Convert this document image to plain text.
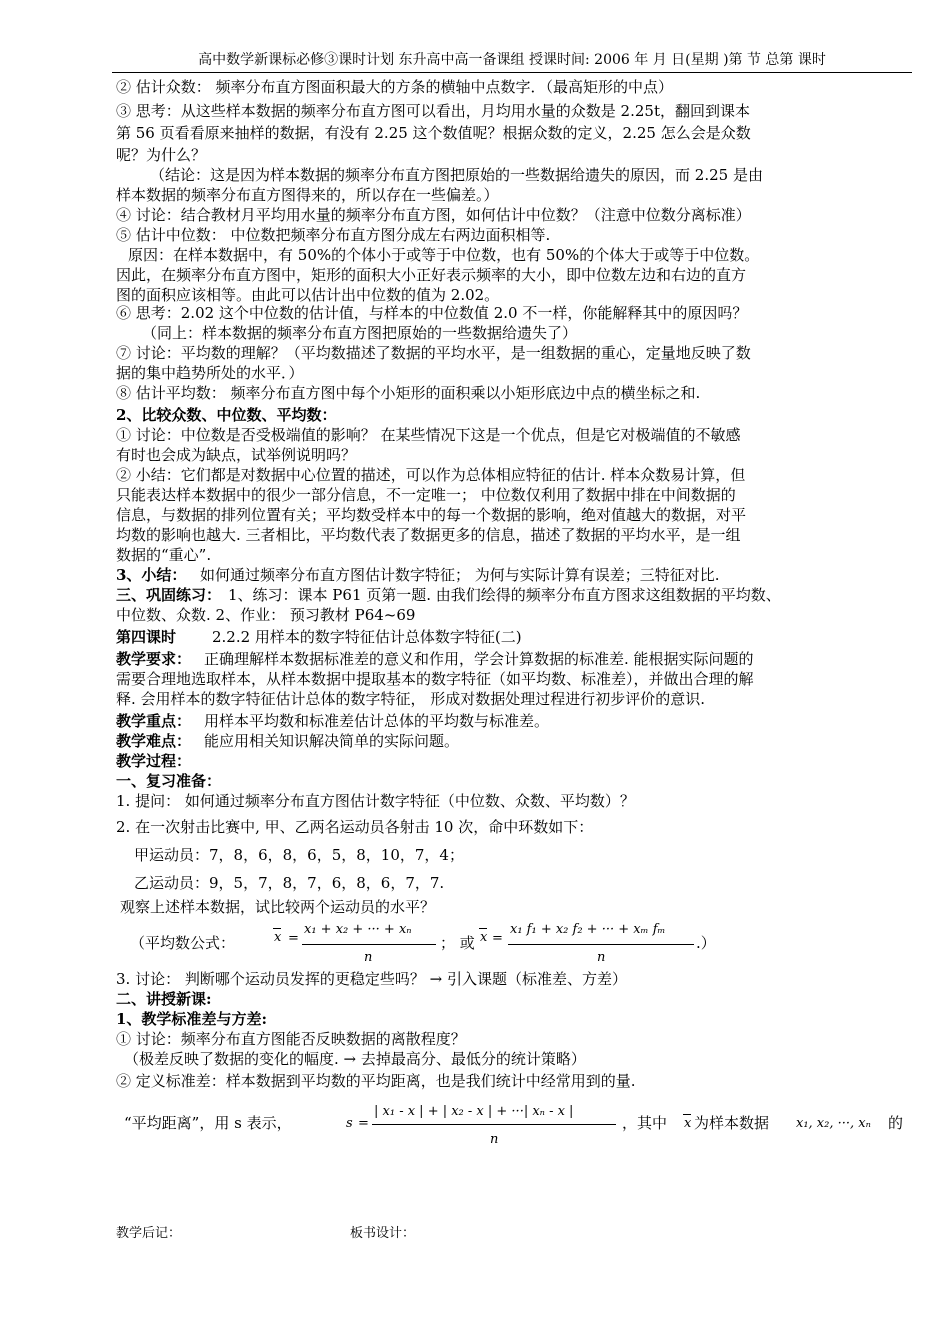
高中数学新课标必修③课时计划 东升高中高一备课组 授课时间: 2006 年 月 日(星期 )第 节 总第 课时
② 估计众数： 频率分布直方图面积最大的方条的横轴中点数字．（最高矩形的中点）
③ 思考：从这些样本数据的频率分布直方图可以看出，月均用水量的众数是 2.25t，翻回到课本
第 56 页看看原来抽样的数据，有没有 2.25 这个数值呢？根据众数的定义，2.25 怎么会是众数
呢？为什么？
（结论：这是因为样本数据的频率分布直方图把原始的一些数据给遗失的原因，而 2.25 是由
样本数据的频率分布直方图得来的，所以存在一些偏差。）
④ 讨论：结合教材月平均用水量的频率分布直方图，如何估计中位数？（注意中位数分离标准）
⑤ 估计中位数： 中位数把频率分布直方图分成左右两边面积相等.
原因：在样本数据中，有 50%的个体小于或等于中位数，也有 50%的个体大于或等于中位数。
因此，在频率分布直方图中，矩形的面积大小正好表示频率的大小，即中位数左边和右边的直方
图的面积应该相等。由此可以估计出中位数的值为 2.02。
⑥ 思考：2.02 这个中位数的估计值，与样本的中位数值 2.0 不一样，你能解释其中的原因吗？
（同上：样本数据的频率分布直方图把原始的一些数据给遗失了）
⑦ 讨论：平均数的理解？（平均数描述了数据的平均水平，是一组数据的重心，定量地反映了数
据的集中趋势所处的水平．）
⑧ 估计平均数： 频率分布直方图中每个小矩形的面积乘以小矩形底边中点的横坐标之和.
2、比较众数、中位数、平均数：
① 讨论：中位数是否受极端值的影响？ 在某些情况下这是一个优点，但是它对极端值的不敏感
有时也会成为缺点，试举例说明吗？
② 小结：它们都是对数据中心位置的描述，可以作为总体相应特征的估计. 样本众数易计算，但
只能表达样本数据中的很少一部分信息，不一定唯一； 中位数仅利用了数据中排在中间数据的
信息，与数据的排列位置有关；平均数受样本中的每一个数据的影响，绝对值越大的数据，对平
均数的影响也越大. 三者相比，平均数代表了数据更多的信息，描述了数据的平均水平，是一组
数据的“重心”.
3、小结： 如何通过频率分布直方图估计数字特征； 为何与实际计算有误差；三特征对比.
三、巩固练习： 1、练习：课本 P61 页第一题. 由我们绘得的频率分布直方图求这组数据的平均数、
中位数、众数. 2、作业： 预习教材 P64~69
第四课时 2.2.2 用样本的数字特征估计总体数字特征(二)
教学要求： 正确理解样本数据标准差的意义和作用，学会计算数据的标准差. 能根据实际问题的
需要合理地选取样本，从样本数据中提取基本的数字特征（如平均数、标准差），并做出合理的解
释. 会用样本的数字特征估计总体的数字特征， 形成对数据处理过程进行初步评价的意识.
教学重点： 用样本平均数和标准差估计总体的平均数与标准差。
教学难点： 能应用相关知识解决简单的实际问题。
教学过程：
一、复习准备：
1. 提问： 如何通过频率分布直方图估计数字特征（中位数、众数、平均数）？
2. 在一次射击比赛中, 甲、乙两名运动员各射击 10 次，命中环数如下：
甲运动员：7，8，6，8，6，5，8，10，7，4；
乙运动员：9，5，7，8，7，6，8，6，7，7.
观察上述样本数据，试比较两个运动员的水平？
（平均数公式：	x =
x₁ + x₂ + ··· + xₙ
n
； 或 x =
x₁ f₁ + x₂ f₂ + ··· + xₘ fₘ
n
.）
3. 讨论： 判断哪个运动员发挥的更稳定些吗？ → 引入课题（标准差、方差）
二、讲授新课:
1、教学标准差与方差:
① 讨论：频率分布直方图能否反映数据的离散程度？
（极差反映了数据的变化的幅度. → 去掉最高分、最低分的统计策略）
② 定义标准差：样本数据到平均数的平均距离，也是我们统计中经常用到的量.
“平均距离”，用 s 表示，	s =
| x₁ - x | + | x₂ - x | + ···| xₙ - x |
n
，其中 x 为样本数据 x₁, x₂, ···, xₙ 的
教学后记：	板书设计：
